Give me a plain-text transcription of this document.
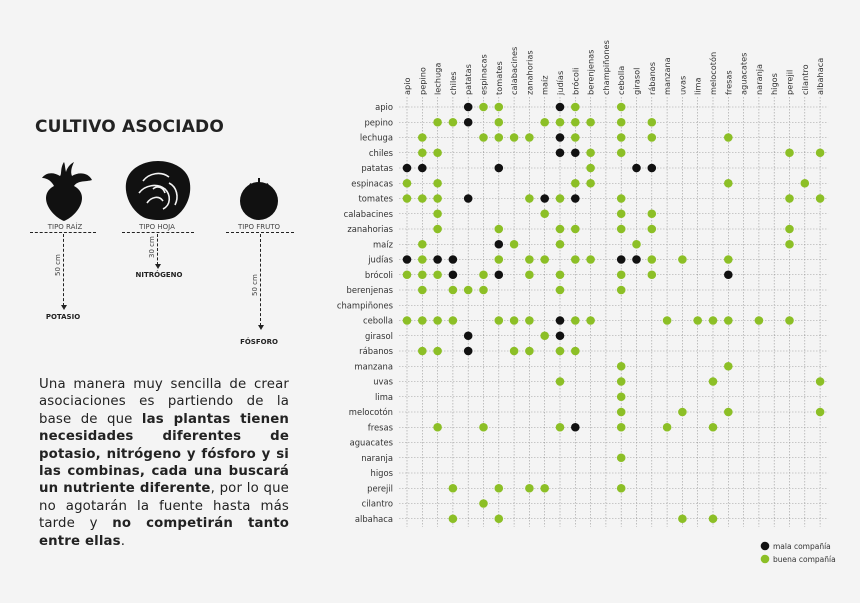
CULTIVO ASOCIADO
TIPO RAÍZ
50 cm
POTASIO
TIPO HOJA
30 cm
NITRÓGENO
TIPO FRUTO
50 cm
FÓSFORO
Una manera muy sencilla de crear asociaciones es partiendo de la base de que las plantas tienen necesidades diferentes de potasio, nitrógeno y fósforo y si las combinas, cada una buscará un nutriente diferente, por lo que no agotarán la fuente hasta más tarde y no competirán tanto entre ellas.
apio pepino lechuga chiles patatas espinacas tomates calabacines zanahorias maíz judías brócoli berenjenas champiñones cebolla girasol rábanos manzana uvas lima melocotón fresas aguacates naranja higos perejil cilantro albahaca
apio
pepino
lechuga
chiles
patatas
espinacas
tomates
calabacines
zanahorias
maíz
judías
brócoli
berenjenas
champiñones
cebolla
girasol
rábanos
manzana
uvas
lima
melocotón
fresas
aguacates
naranja
higos
perejil
cilantro
albahaca
mala compañía
buena compañía
